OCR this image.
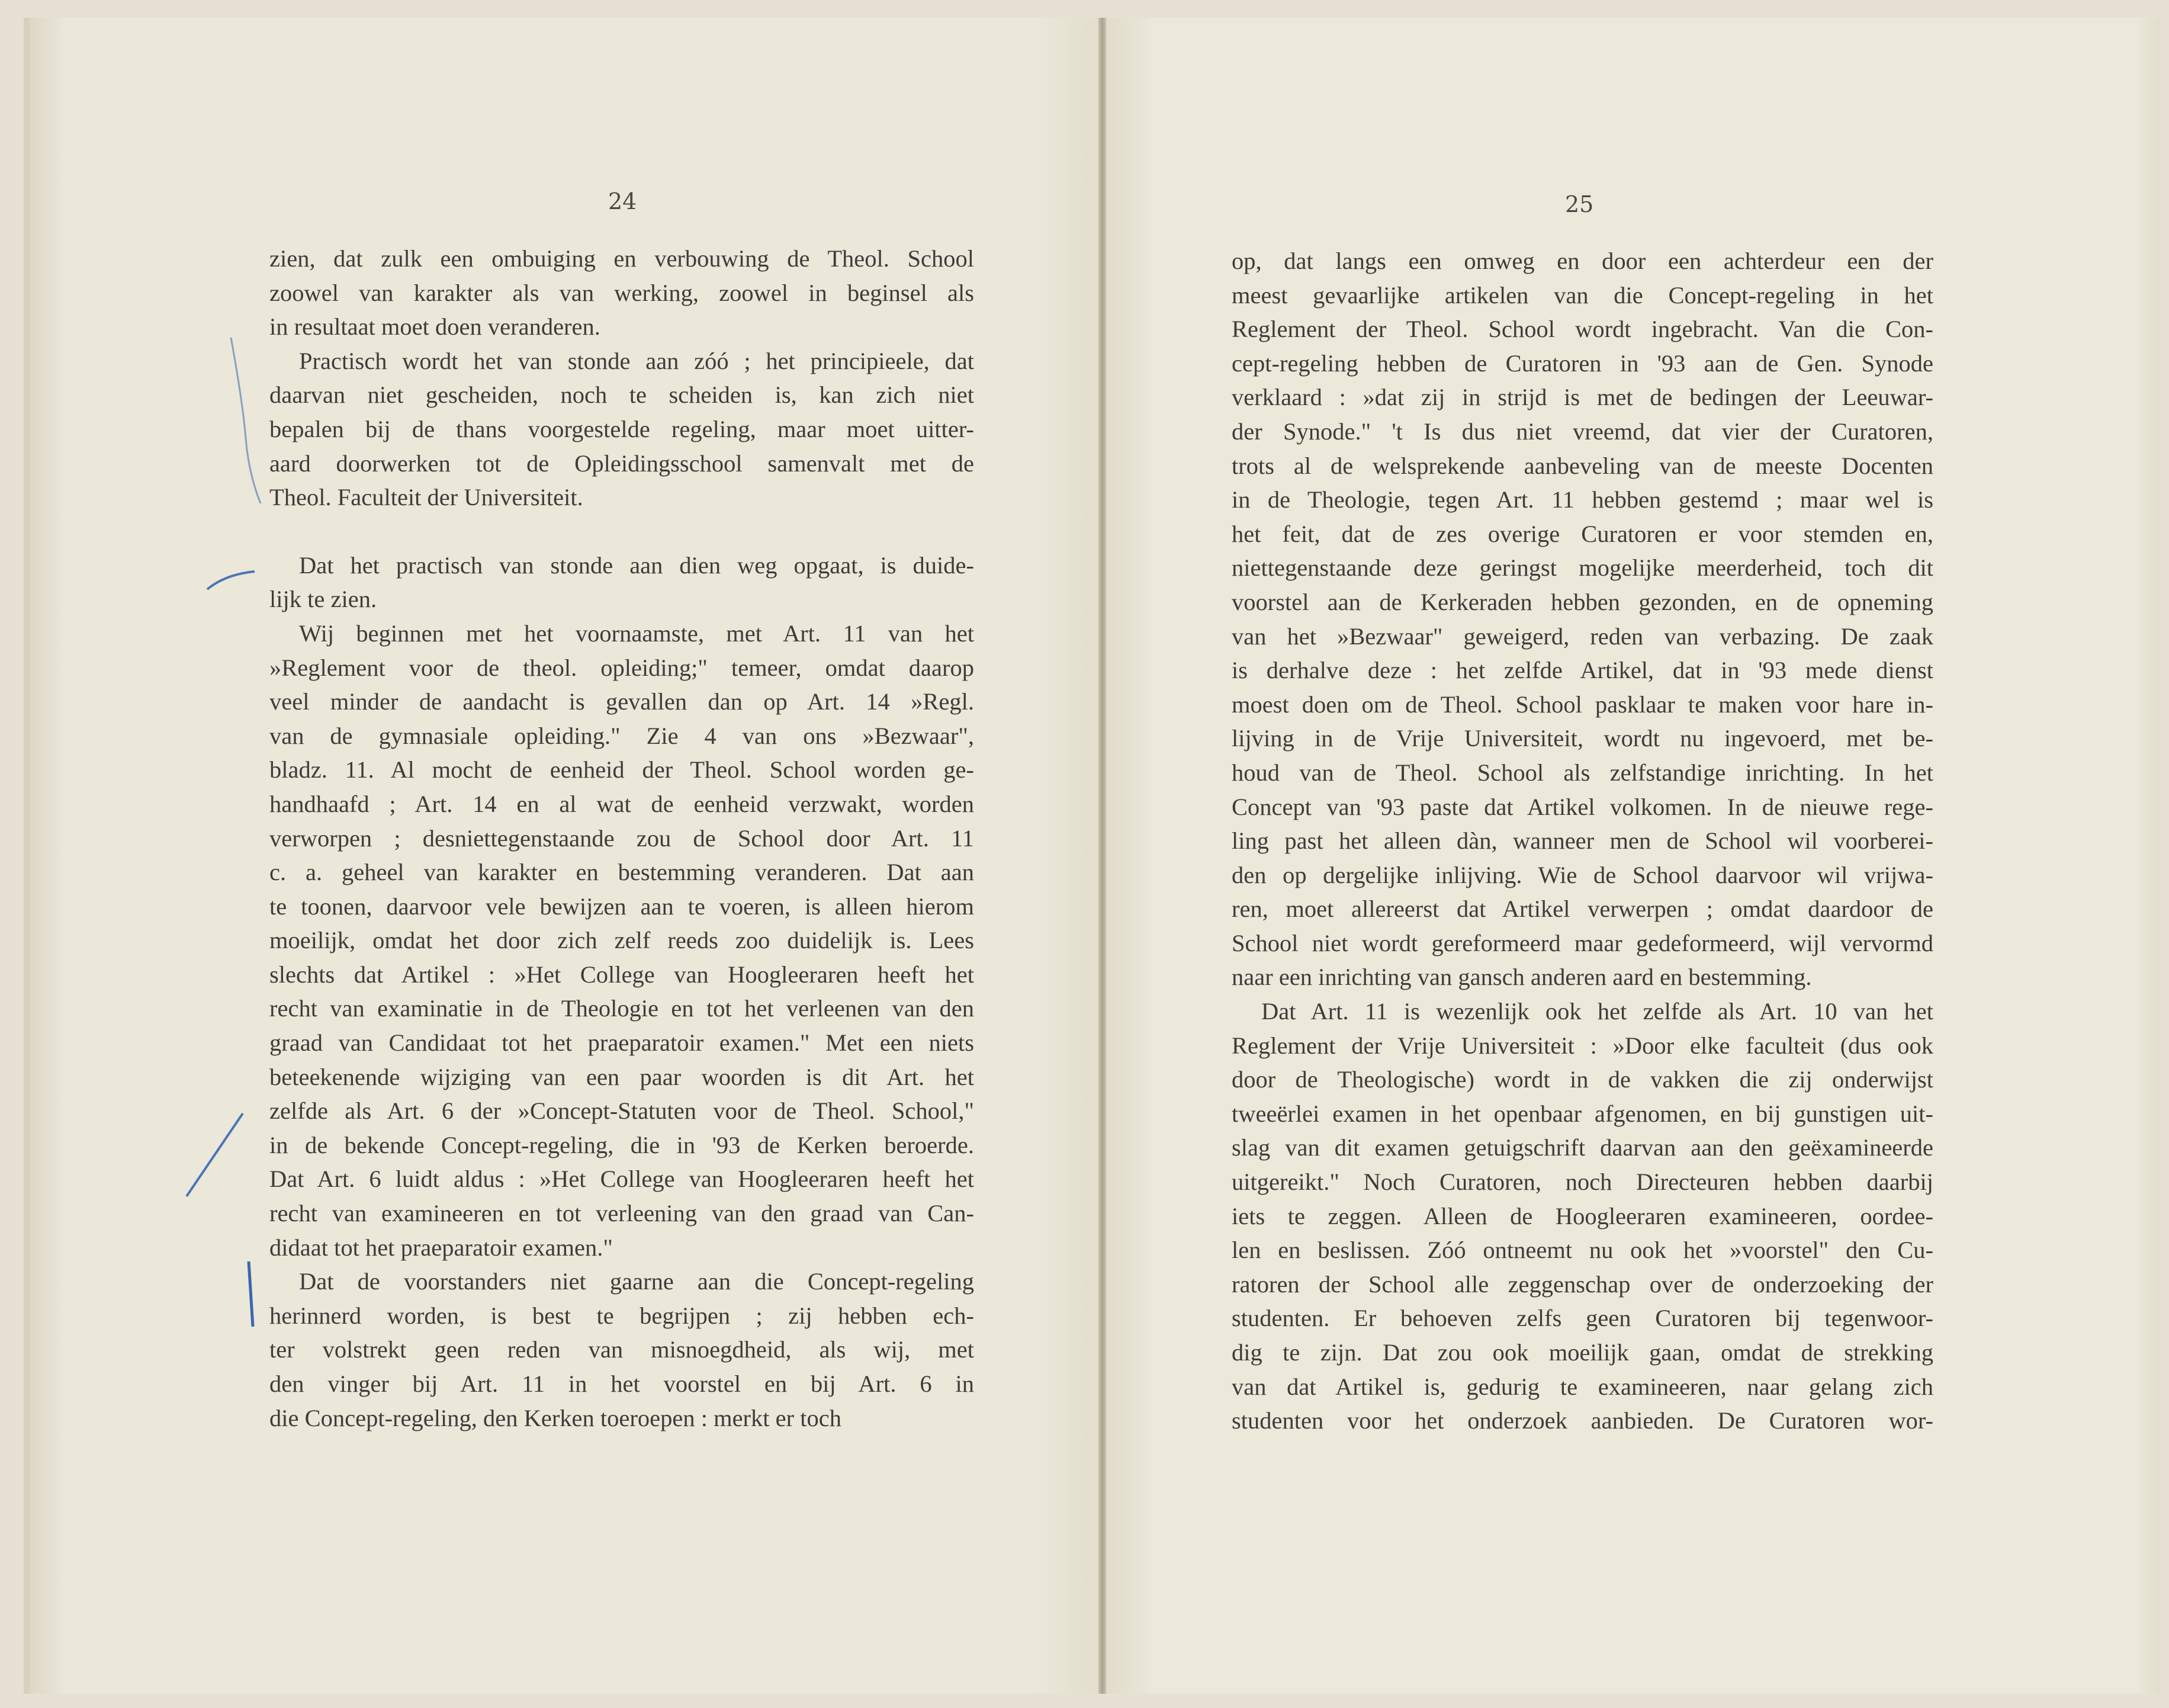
24	25
zien, dat zulk een ombuiging en verbouwing de Theol. School
zoowel van karakter als van werking, zoowel in beginsel als
in resultaat moet doen veranderen.
Practisch wordt het van stonde aan zóó ; het principieele, dat
daarvan niet gescheiden, noch te scheiden is, kan zich niet
bepalen bij de thans voorgestelde regeling, maar moet uitter-
aard doorwerken tot de Opleidingsschool samenvalt met de
Theol. Faculteit der Universiteit.
Dat het practisch van stonde aan dien weg opgaat, is duide-
lijk te zien.
Wij beginnen met het voornaamste, met Art. 11 van het
»Reglement voor de theol. opleiding;" temeer, omdat daarop
veel minder de aandacht is gevallen dan op Art. 14 »Regl.
van de gymnasiale opleiding." Zie 4 van ons »Bezwaar",
bladz. 11. Al mocht de eenheid der Theol. School worden ge-
handhaafd ; Art. 14 en al wat de eenheid verzwakt, worden
verworpen ; desniettegenstaande zou de School door Art. 11
c. a. geheel van karakter en bestemming veranderen. Dat aan
te toonen, daarvoor vele bewijzen aan te voeren, is alleen hierom
moeilijk, omdat het door zich zelf reeds zoo duidelijk is. Lees
slechts dat Artikel : »Het College van Hoogleeraren heeft het
recht van examinatie in de Theologie en tot het verleenen van den
graad van Candidaat tot het praeparatoir examen." Met een niets
beteekenende wijziging van een paar woorden is dit Art. het
zelfde als Art. 6 der »Concept-Statuten voor de Theol. School,"
in de bekende Concept-regeling, die in '93 de Kerken beroerde.
Dat Art. 6 luidt aldus : »Het College van Hoogleeraren heeft het
recht van examineeren en tot verleening van den graad van Can-
didaat tot het praeparatoir examen."
Dat de voorstanders niet gaarne aan die Concept-regeling
herinnerd worden, is best te begrijpen ; zij hebben ech-
ter volstrekt geen reden van misnoegdheid, als wij, met
den vinger bij Art. 11 in het voorstel en bij Art. 6 in
die Concept-regeling, den Kerken toeroepen : merkt er toch
op, dat langs een omweg en door een achterdeur een der
meest gevaarlijke artikelen van die Concept-regeling in het
Reglement der Theol. School wordt ingebracht. Van die Con-
cept-regeling hebben de Curatoren in '93 aan de Gen. Synode
verklaard : »dat zij in strijd is met de bedingen der Leeuwar-
der Synode." 't Is dus niet vreemd, dat vier der Curatoren,
trots al de welsprekende aanbeveling van de meeste Docenten
in de Theologie, tegen Art. 11 hebben gestemd ; maar wel is
het feit, dat de zes overige Curatoren er voor stemden en,
niettegenstaande deze geringst mogelijke meerderheid, toch dit
voorstel aan de Kerkeraden hebben gezonden, en de opneming
van het »Bezwaar" geweigerd, reden van verbazing. De zaak
is derhalve deze : het zelfde Artikel, dat in '93 mede dienst
moest doen om de Theol. School pasklaar te maken voor hare in-
lijving in de Vrije Universiteit, wordt nu ingevoerd, met be-
houd van de Theol. School als zelfstandige inrichting. In het
Concept van '93 paste dat Artikel volkomen. In de nieuwe rege-
ling past het alleen dàn, wanneer men de School wil voorberei-
den op dergelijke inlijving. Wie de School daarvoor wil vrijwa-
ren, moet allereerst dat Artikel verwerpen ; omdat daardoor de
School niet wordt gereformeerd maar gedeformeerd, wijl vervormd
naar een inrichting van gansch anderen aard en bestemming.
Dat Art. 11 is wezenlijk ook het zelfde als Art. 10 van het
Reglement der Vrije Universiteit : »Door elke faculteit (dus ook
door de Theologische) wordt in de vakken die zij onderwijst
tweeërlei examen in het openbaar afgenomen, en bij gunstigen uit-
slag van dit examen getuigschrift daarvan aan den geëxamineerde
uitgereikt." Noch Curatoren, noch Directeuren hebben daarbij
iets te zeggen. Alleen de Hoogleeraren examineeren, oordee-
len en beslissen. Zóó ontneemt nu ook het »voorstel" den Cu-
ratoren der School alle zeggenschap over de onderzoeking der
studenten. Er behoeven zelfs geen Curatoren bij tegenwoor-
dig te zijn. Dat zou ook moeilijk gaan, omdat de strekking
van dat Artikel is, gedurig te examineeren, naar gelang zich
studenten voor het onderzoek aanbieden. De Curatoren wor-
